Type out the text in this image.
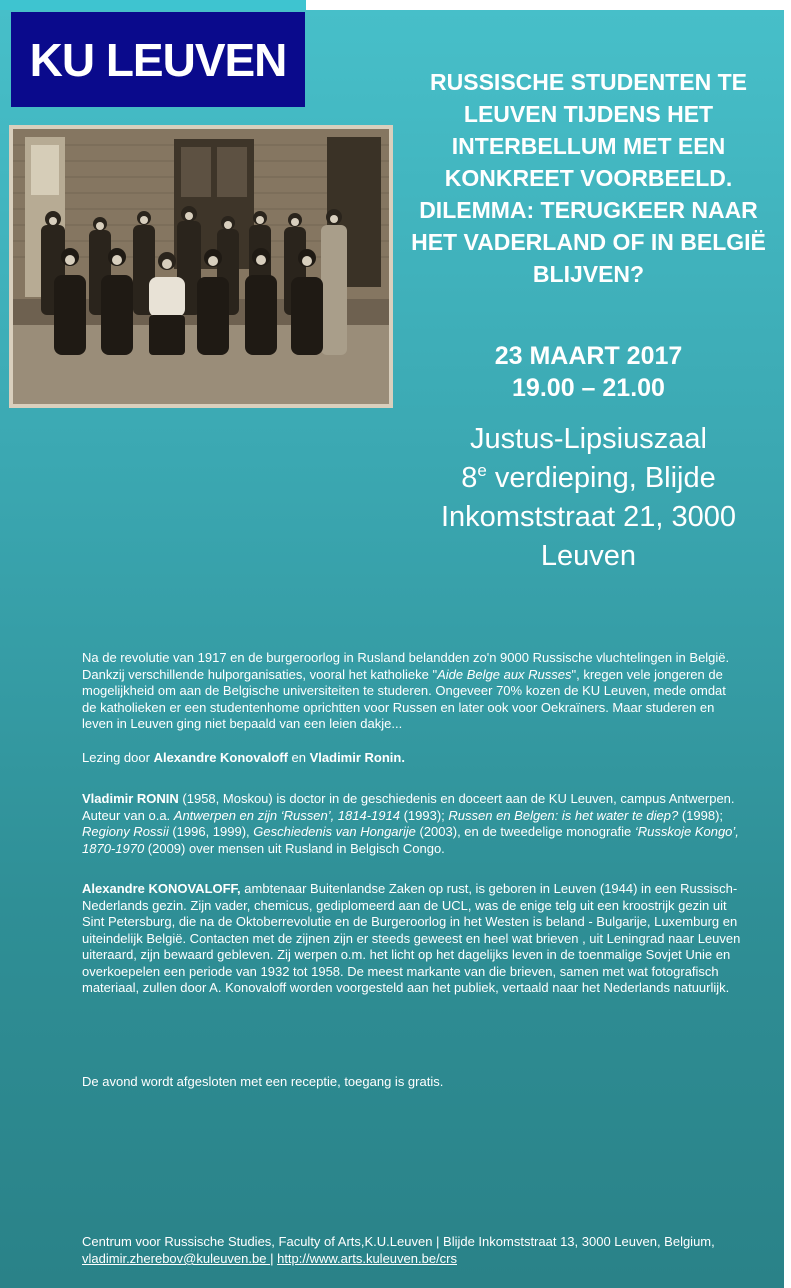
KU LEUVEN	RUSSISCHE STUDENTEN TE LEUVEN TIJDENS HET INTERBELLUM MET EEN KONKREET VOORBEELD. DILEMMA: TERUGKEER NAAR HET VADERLAND OF IN BELGIË BLIJVEN?
23 MAART 2017
19.00 – 21.00
Justus-Lipsiuszaal
8e verdieping, Blijde
Inkomststraat 21, 3000
Leuven

Na de revolutie van 1917 en de burgeroorlog in Rusland belandden zo'n 9000 Russische vluchtelingen in België. Dankzij verschillende hulporganisaties, vooral het katholieke "Aide Belge aux Russes", kregen vele jongeren de mogelijkheid om aan de Belgische universiteiten te studeren. Ongeveer 70% kozen de KU Leuven, mede omdat de katholieken er een studentenhome oprichtten voor Russen en later ook voor Oekraïners. Maar studeren en leven in Leuven ging niet bepaald van een leien dakje...

Lezing door Alexandre Konovaloff en Vladimir Ronin.

Vladimir RONIN (1958, Moskou) is doctor in de geschiedenis en doceert aan de KU Leuven, campus Antwerpen. Auteur van o.a. Antwerpen en zijn ‘Russen’, 1814-1914 (1993); Russen en Belgen: is het water te diep? (1998); Regiony Rossii (1996, 1999), Geschiedenis van Hongarije (2003), en de tweedelige monografie ‘Russkoje Kongo’, 1870-1970 (2009) over mensen uit Rusland in Belgisch Congo.

Alexandre KONOVALOFF, ambtenaar Buitenlandse Zaken op rust, is geboren in Leuven (1944) in een Russisch-Nederlands gezin. Zijn vader, chemicus, gediplomeerd aan de UCL, was de enige telg uit een kroostrijk gezin uit Sint Petersburg, die na de Oktoberrevolutie en de Burgeroorlog in het Westen is beland - Bulgarije, Luxemburg en uiteindelijk België. Contacten met de zijnen zijn er steeds geweest en heel wat brieven , uit Leningrad naar Leuven uiteraard, zijn bewaard gebleven. Zij werpen o.m. het licht op het dagelijks leven in de toenmalige Sovjet Unie en overkoepelen een periode van 1932 tot 1958. De meest markante van die brieven, samen met wat fotografisch materiaal, zullen door A. Konovaloff worden voorgesteld aan het publiek, vertaald naar het Nederlands natuurlijk.

De avond wordt afgesloten met een receptie, toegang is gratis.

Centrum voor Russische Studies, Faculty of Arts,K.U.Leuven | Blijde Inkomststraat 13, 3000 Leuven, Belgium, vladimir.zherebov@kuleuven.be | http://www.arts.kuleuven.be/crs
